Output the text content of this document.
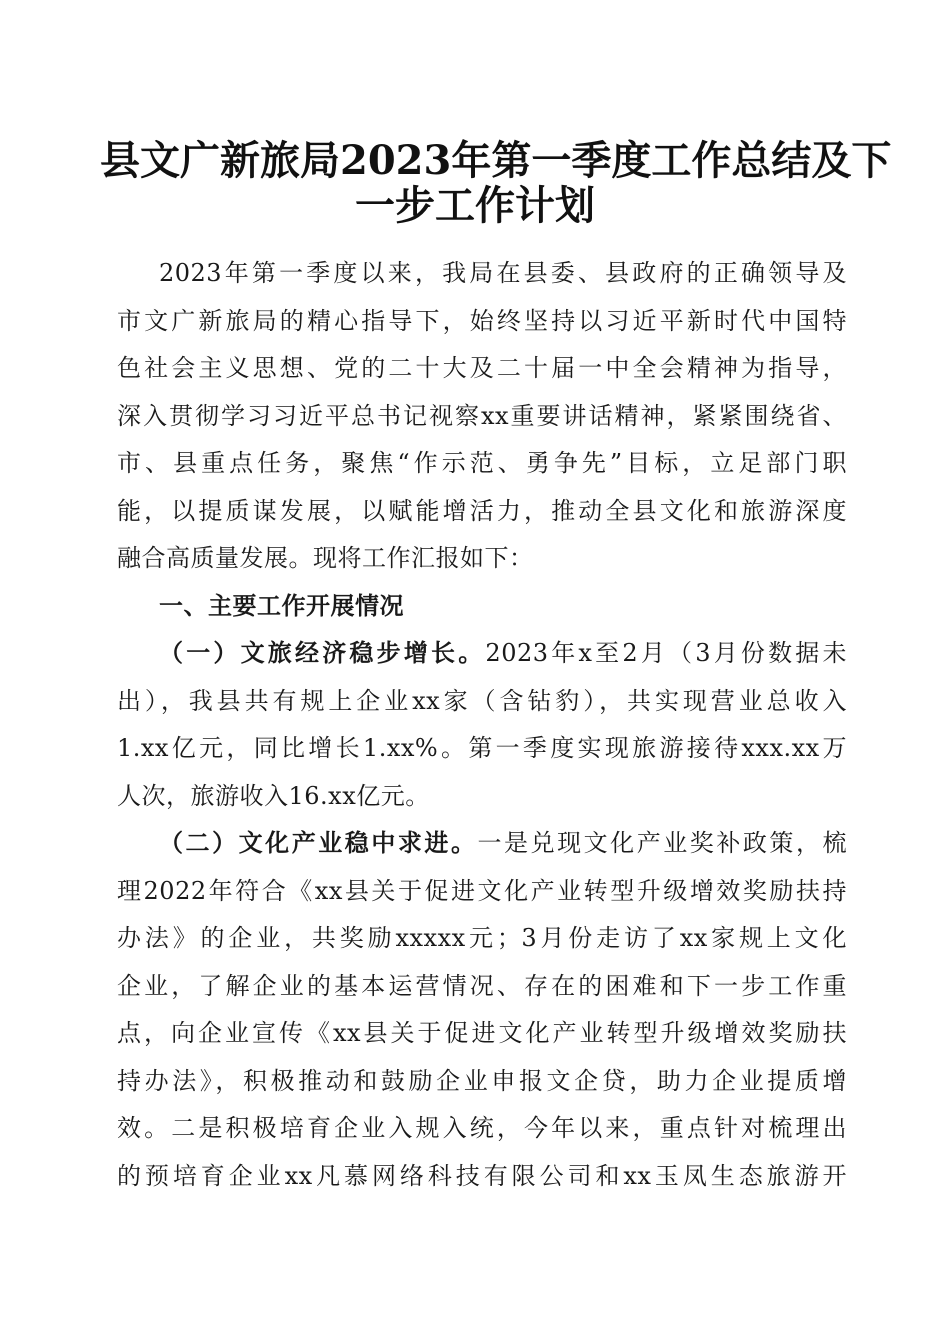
县文广新旅局2023年第一季度工作总结及下
一步工作计划
2023年第一季度以来，我局在县委、县政府的正确领导及
市文广新旅局的精心指导下，始终坚持以习近平新时代中国特
色社会主义思想、党的二十大及二十届一中全会精神为指导，
深入贯彻学习习近平总书记视察xx重要讲话精神，紧紧围绕省、
市、县重点任务，聚焦“作示范、勇争先”目标，立足部门职
能，以提质谋发展，以赋能增活力，推动全县文化和旅游深度
融合高质量发展。现将工作汇报如下：
一、主要工作开展情况
（一）文旅经济稳步增长。2023年x至2月（3月份数据未
出），我县共有规上企业xx家（含钻豹），共实现营业总收入
1.xx亿元，同比增长1.xx%。第一季度实现旅游接待xxx.xx万
人次，旅游收入16.xx亿元。
（二）文化产业稳中求进。一是兑现文化产业奖补政策，梳
理2022年符合《xx县关于促进文化产业转型升级增效奖励扶持
办法》的企业，共奖励xxxxx元；3月份走访了xx家规上文化
企业，了解企业的基本运营情况、存在的困难和下一步工作重
点，向企业宣传《xx县关于促进文化产业转型升级增效奖励扶
持办法》，积极推动和鼓励企业申报文企贷，助力企业提质增
效。二是积极培育企业入规入统，今年以来，重点针对梳理出
的预培育企业xx凡慕网络科技有限公司和xx玉凤生态旅游开
